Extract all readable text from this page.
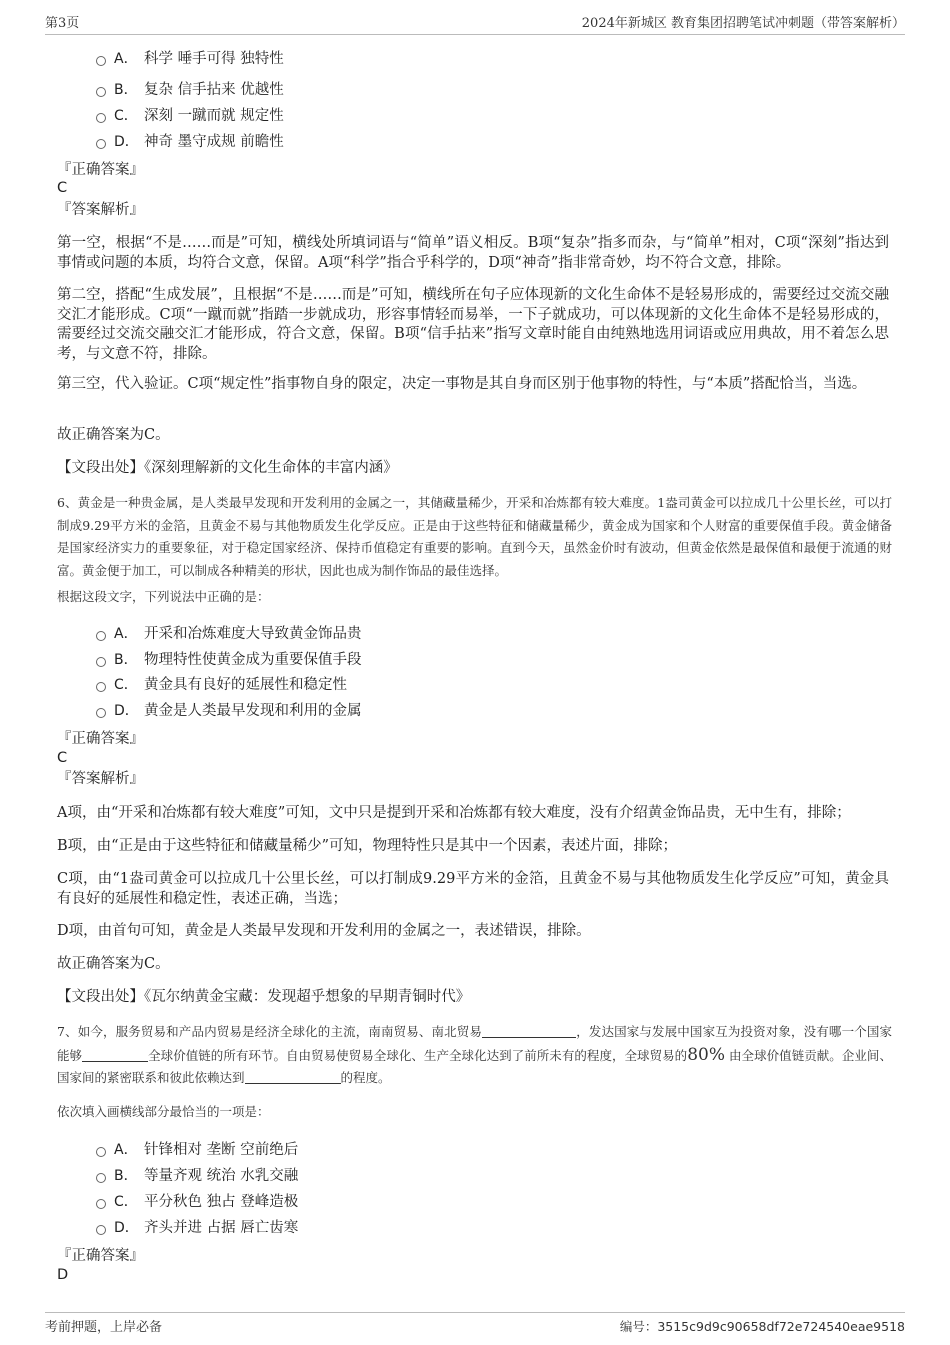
第3页	2024年新城区 教育集团招聘笔试冲刺题（带答案解析）
A． 科学 唾手可得 独特性
B． 复杂 信手拈来 优越性
C． 深刻 一蹴而就 规定性
D． 神奇 墨守成规 前瞻性
『正确答案』
C
『答案解析』
第一空，根据“不是……而是”可知，横线处所填词语与“简单”语义相反。B项“复杂”指多而杂，与“简单”相对，C项“深刻”指达到事情或问题的本质，均符合文意，保留。A项“科学”指合乎科学的，D项“神奇”指非常奇妙，均不符合文意，排除。
第二空，搭配“生成发展”，且根据“不是……而是”可知，横线所在句子应体现新的文化生命体不是轻易形成的，需要经过交流交融交汇才能形成。C项“一蹴而就”指踏一步就成功，形容事情轻而易举，一下子就成功，可以体现新的文化生命体不是轻易形成的，需要经过交流交融交汇才能形成，符合文意，保留。B项“信手拈来”指写文章时能自由纯熟地选用词语或应用典故，用不着怎么思考，与文意不符，排除。
第三空，代入验证。C项“规定性”指事物自身的限定，决定一事物是其自身而区别于他事物的特性，与“本质”搭配恰当，当选。
故正确答案为C。
【文段出处】《深刻理解新的文化生命体的丰富内涵》
6、黄金是一种贵金属，是人类最早发现和开发利用的金属之一，其储藏量稀少，开采和冶炼都有较大难度。1盎司黄金可以拉成几十公里长丝，可以打制成9.29平方米的金箔，且黄金不易与其他物质发生化学反应。正是由于这些特征和储藏量稀少，黄金成为国家和个人财富的重要保值手段。黄金储备是国家经济实力的重要象征，对于稳定国家经济、保持币值稳定有重要的影响。直到今天，虽然金价时有波动，但黄金依然是最保值和最便于流通的财富。黄金便于加工，可以制成各种精美的形状，因此也成为制作饰品的最佳选择。
根据这段文字，下列说法中正确的是：
A． 开采和冶炼难度大导致黄金饰品贵
B． 物理特性使黄金成为重要保值手段
C． 黄金具有良好的延展性和稳定性
D． 黄金是人类最早发现和利用的金属
『正确答案』
C
『答案解析』
A项，由“开采和冶炼都有较大难度”可知，文中只是提到开采和冶炼都有较大难度，没有介绍黄金饰品贵，无中生有，排除；
B项，由“正是由于这些特征和储藏量稀少”可知，物理特性只是其中一个因素，表述片面，排除；
C项，由“1盎司黄金可以拉成几十公里长丝，可以打制成9.29平方米的金箔，且黄金不易与其他物质发生化学反应”可知，黄金具有良好的延展性和稳定性，表述正确，当选；
D项，由首句可知，黄金是人类最早发现和开发利用的金属之一，表述错误，排除。
故正确答案为C。
【文段出处】《瓦尔纳黄金宝藏：发现超乎想象的早期青铜时代》
7、如今，服务贸易和产品内贸易是经济全球化的主流，南南贸易、南北贸易	，发达国家与发展中国家互为投资对象，没有哪一个国家能够	全球价值链的所有环节。自由贸易使贸易全球化、生产全球化达到了前所未有的程度，全球贸易的80% 由全球价值链贡献。企业间、国家间的紧密联系和彼此依赖达到	的程度。
依次填入画横线部分最恰当的一项是：
A． 针锋相对 垄断 空前绝后
B． 等量齐观 统治 水乳交融
C． 平分秋色 独占 登峰造极
D． 齐头并进 占据 唇亡齿寒
『正确答案』
D
考前押题，上岸必备	编号：3515c9d9c90658df72e724540eae9518
